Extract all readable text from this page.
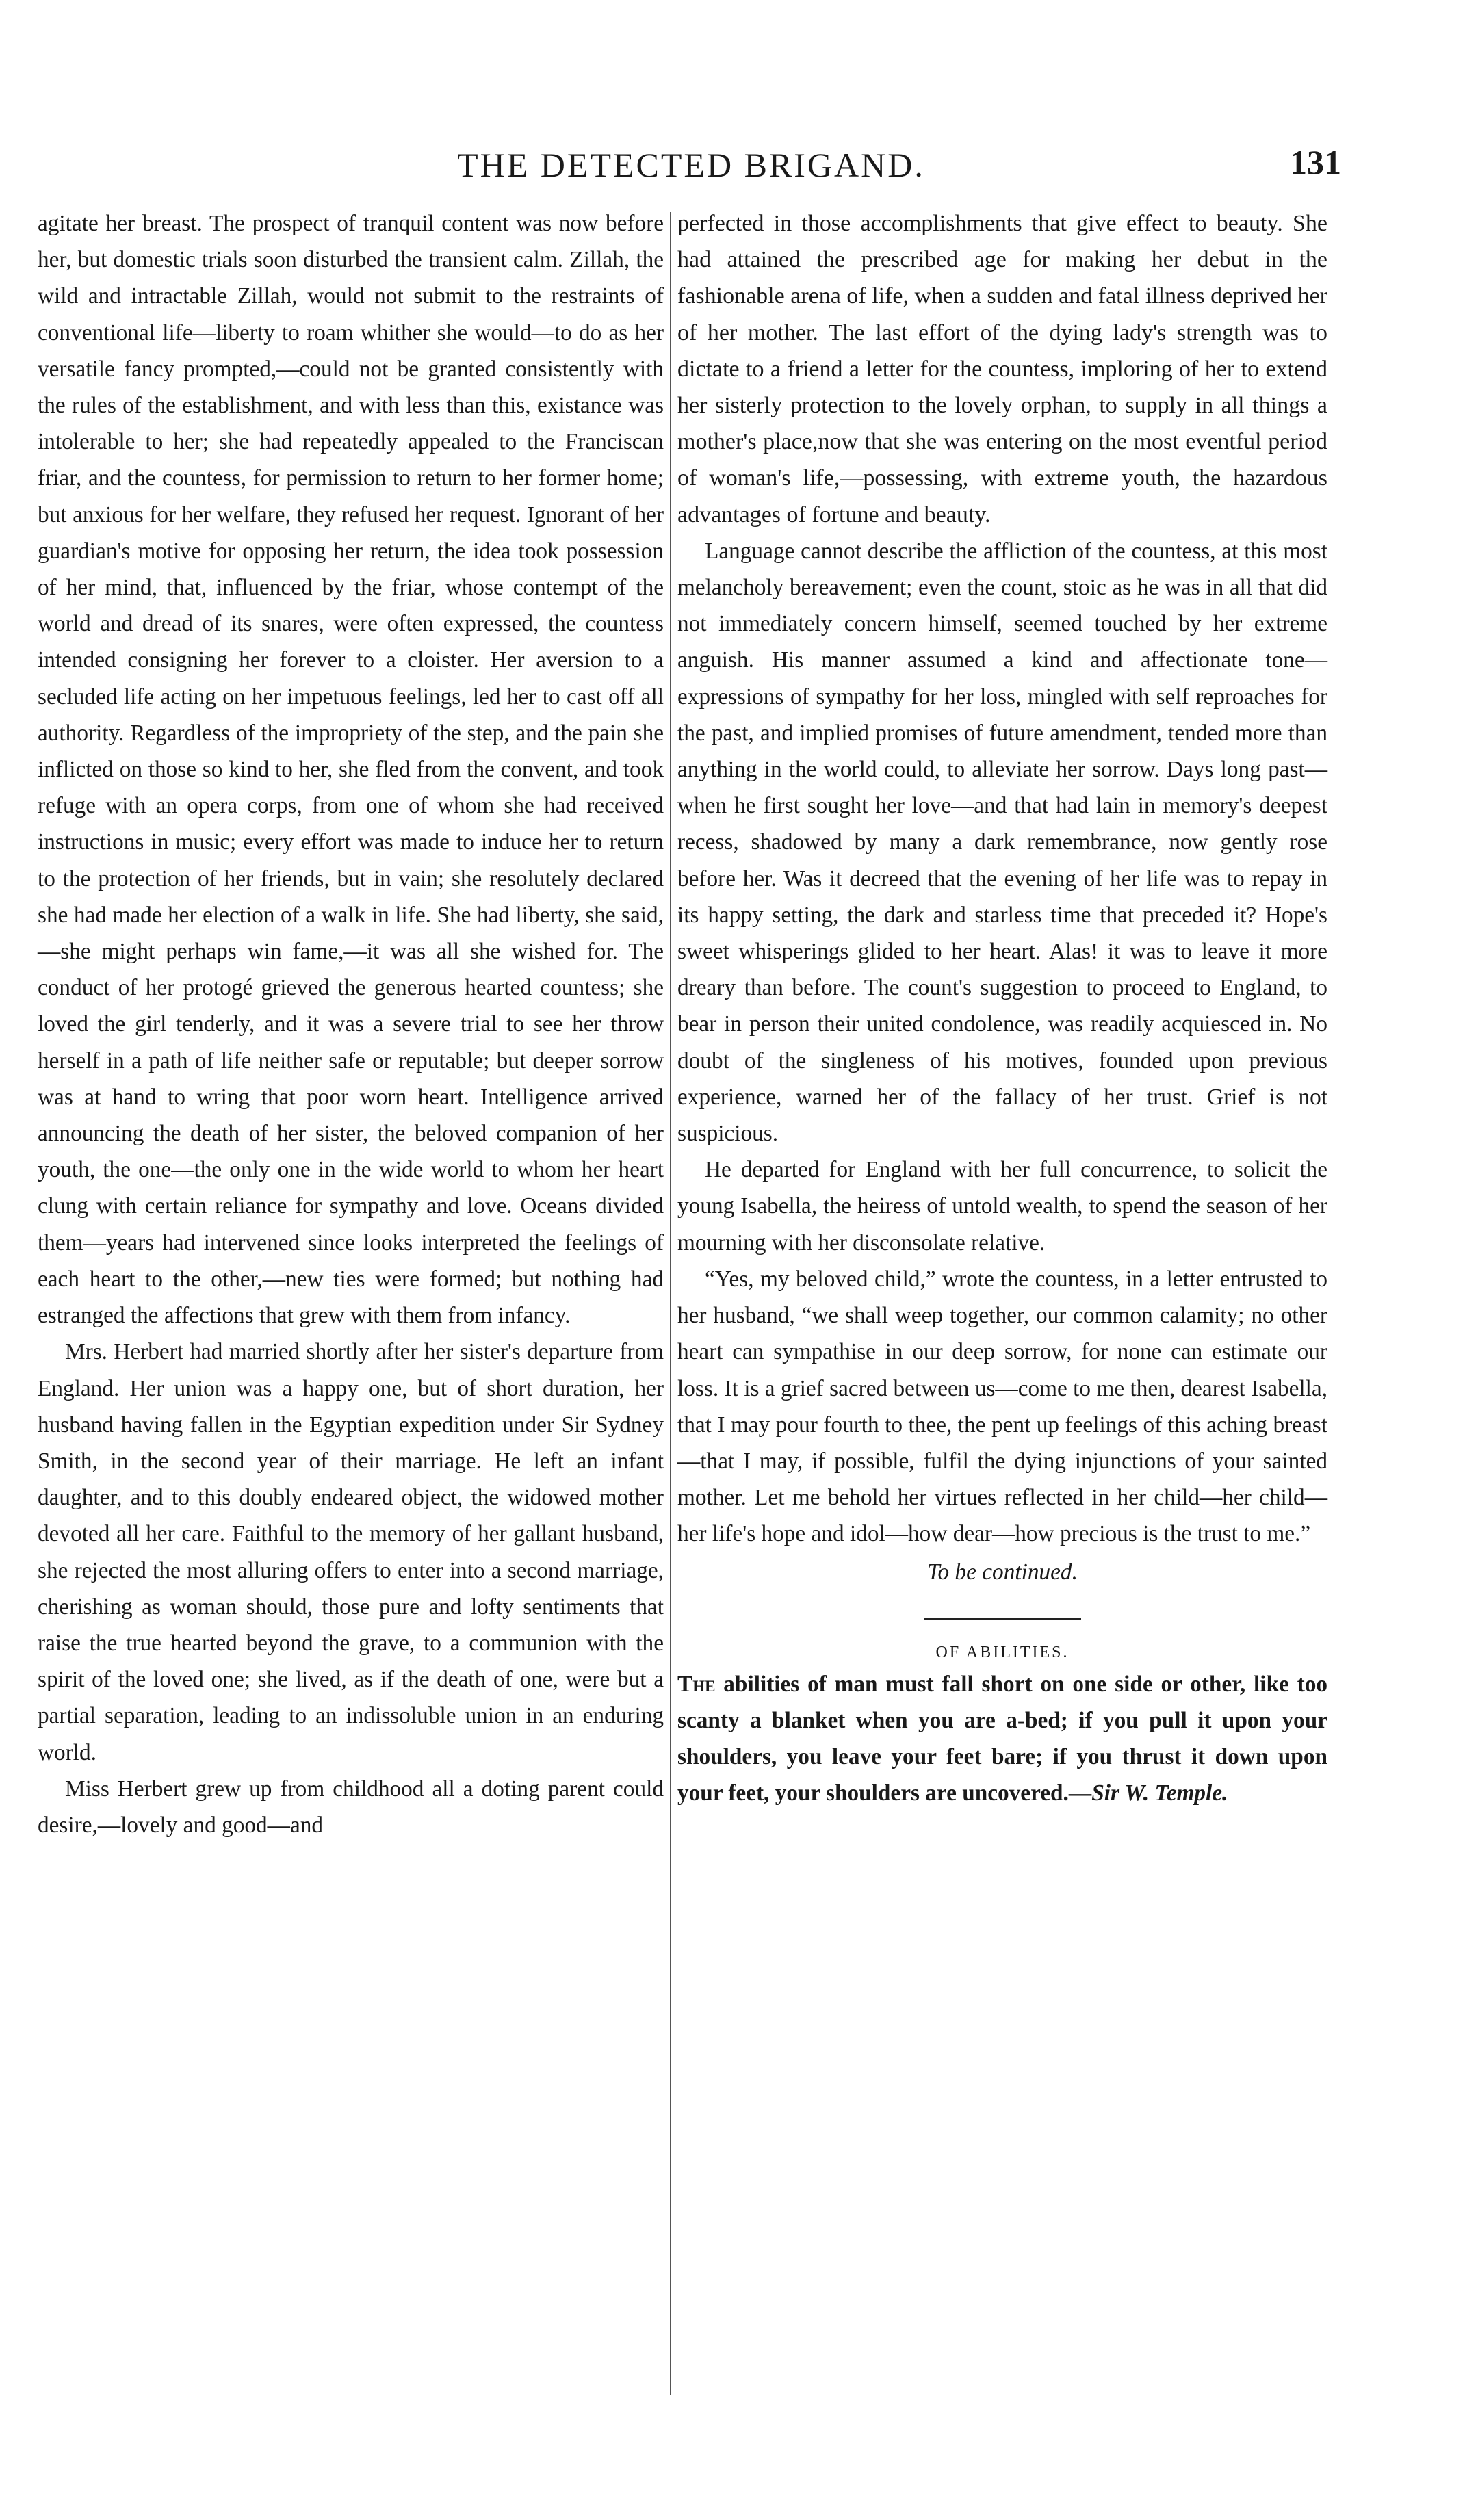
THE DETECTED BRIGAND.	131

agitate her breast. The prospect of tranquil content was now before her, but domestic trials soon disturbed the transient calm. Zillah, the wild and intractable Zillah, would not submit to the restraints of conventional life—liberty to roam whither she would—to do as her versatile fancy prompted,—could not be granted consistently with the rules of the establishment, and with less than this, existance was intolerable to her; she had repeatedly appealed to the Franciscan friar, and the countess, for permission to return to her former home; but anxious for her welfare, they refused her request. Ignorant of her guardian's motive for opposing her return, the idea took possession of her mind, that, influenced by the friar, whose contempt of the world and dread of its snares, were often expressed, the countess intended consigning her forever to a cloister. Her aversion to a secluded life acting on her impetuous feelings, led her to cast off all authority. Regardless of the impropriety of the step, and the pain she inflicted on those so kind to her, she fled from the convent, and took refuge with an opera corps, from one of whom she had received instructions in music; every effort was made to induce her to return to the protection of her friends, but in vain; she resolutely declared she had made her election of a walk in life. She had liberty, she said,—she might perhaps win fame,—it was all she wished for. The conduct of her protogé grieved the generous hearted countess; she loved the girl tenderly, and it was a severe trial to see her throw herself in a path of life neither safe or reputable; but deeper sorrow was at hand to wring that poor worn heart. Intelligence arrived announcing the death of her sister, the beloved companion of her youth, the one—the only one in the wide world to whom her heart clung with certain reliance for sympathy and love. Oceans divided them—years had intervened since looks interpreted the feelings of each heart to the other,—new ties were formed; but nothing had estranged the affections that grew with them from infancy.

Mrs. Herbert had married shortly after her sister's departure from England. Her union was a happy one, but of short duration, her husband having fallen in the Egyptian expedition under Sir Sydney Smith, in the second year of their marriage. He left an infant daughter, and to this doubly endeared object, the widowed mother devoted all her care. Faithful to the memory of her gallant husband, she rejected the most alluring offers to enter into a second marriage, cherishing as woman should, those pure and lofty sentiments that raise the true hearted beyond the grave, to a communion with the spirit of the loved one; she lived, as if the death of one, were but a partial separation, leading to an indissoluble union in an enduring world.

Miss Herbert grew up from childhood all a doting parent could desire,—lovely and good—and

perfected in those accomplishments that give effect to beauty. She had attained the prescribed age for making her debut in the fashionable arena of life, when a sudden and fatal illness deprived her of her mother. The last effort of the dying lady's strength was to dictate to a friend a letter for the countess, imploring of her to extend her sisterly protection to the lovely orphan, to supply in all things a mother's place,now that she was entering on the most eventful period of woman's life,—possessing, with extreme youth, the hazardous advantages of fortune and beauty.

Language cannot describe the affliction of the countess, at this most melancholy bereavement; even the count, stoic as he was in all that did not immediately concern himself, seemed touched by her extreme anguish. His manner assumed a kind and affectionate tone—expressions of sympathy for her loss, mingled with self reproaches for the past, and implied promises of future amendment, tended more than anything in the world could, to alleviate her sorrow. Days long past—when he first sought her love—and that had lain in memory's deepest recess, shadowed by many a dark remembrance, now gently rose before her. Was it decreed that the evening of her life was to repay in its happy setting, the dark and starless time that preceded it? Hope's sweet whisperings glided to her heart. Alas! it was to leave it more dreary than before. The count's suggestion to proceed to England, to bear in person their united condolence, was readily acquiesced in. No doubt of the singleness of his motives, founded upon previous experience, warned her of the fallacy of her trust. Grief is not suspicious.

He departed for England with her full concurrence, to solicit the young Isabella, the heiress of untold wealth, to spend the season of her mourning with her disconsolate relative.

“Yes, my beloved child,” wrote the countess, in a letter entrusted to her husband, “we shall weep together, our common calamity; no other heart can sympathise in our deep sorrow, for none can estimate our loss. It is a grief sacred between us—come to me then, dearest Isabella, that I may pour fourth to thee, the pent up feelings of this aching breast—that I may, if possible, fulfil the dying injunctions of your sainted mother. Let me behold her virtues reflected in her child—her child—her life's hope and idol—how dear—how precious is the trust to me.”

To be continued.
OF ABILITIES.

The abilities of man must fall short on one side or other, like too scanty a blanket when you are a-bed; if you pull it upon your shoulders, you leave your feet bare; if you thrust it down upon your feet, your shoulders are uncovered.—Sir W. Temple.
